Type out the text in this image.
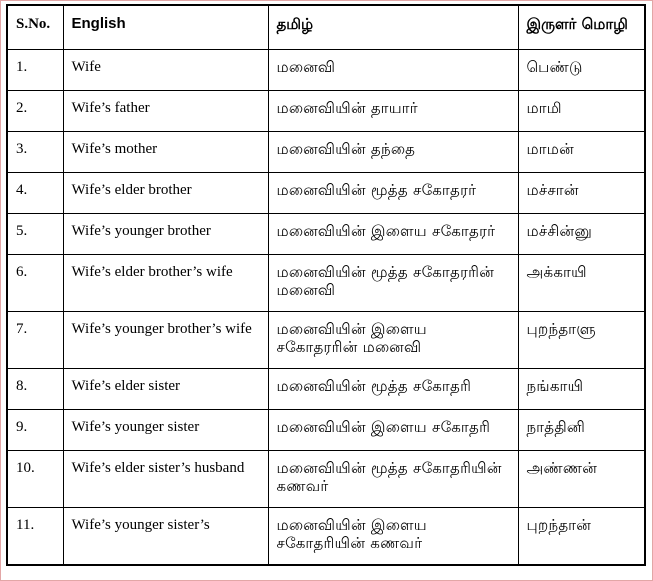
S.No.	English	தமிழ்	இருளர் மொழி
1.	Wife	மனைவி	பெண்டு
2.	Wife’s father	மனைவியின் தாயார்	மாமி
3.	Wife’s mother	மனைவியின் தந்தை	மாமன்
4.	Wife’s elder brother	மனைவியின் மூத்த சகோதரர்	மச்சான்
5.	Wife’s younger brother	மனைவியின் இளைய சகோதரர்	மச்சின்னு
6.	Wife’s elder brother’s wife	மனைவியின் மூத்த சகோதரரின் மனைவி	அக்காயி
7.	Wife’s younger brother’s wife	மனைவியின் இளைய சகோதரரின் மனைவி	புறந்தாளு
8.	Wife’s elder sister	மனைவியின் மூத்த சகோதரி	நங்காயி
9.	Wife’s younger sister	மனைவியின் இளைய சகோதரி	நாத்தினி
10.	Wife’s elder sister’s husband	மனைவியின் மூத்த சகோதரியின் கணவர்	அண்ணன்
11.	Wife’s younger sister’s	மனைவியின் இளைய சகோதரியின் கணவர்	புறந்தான்
